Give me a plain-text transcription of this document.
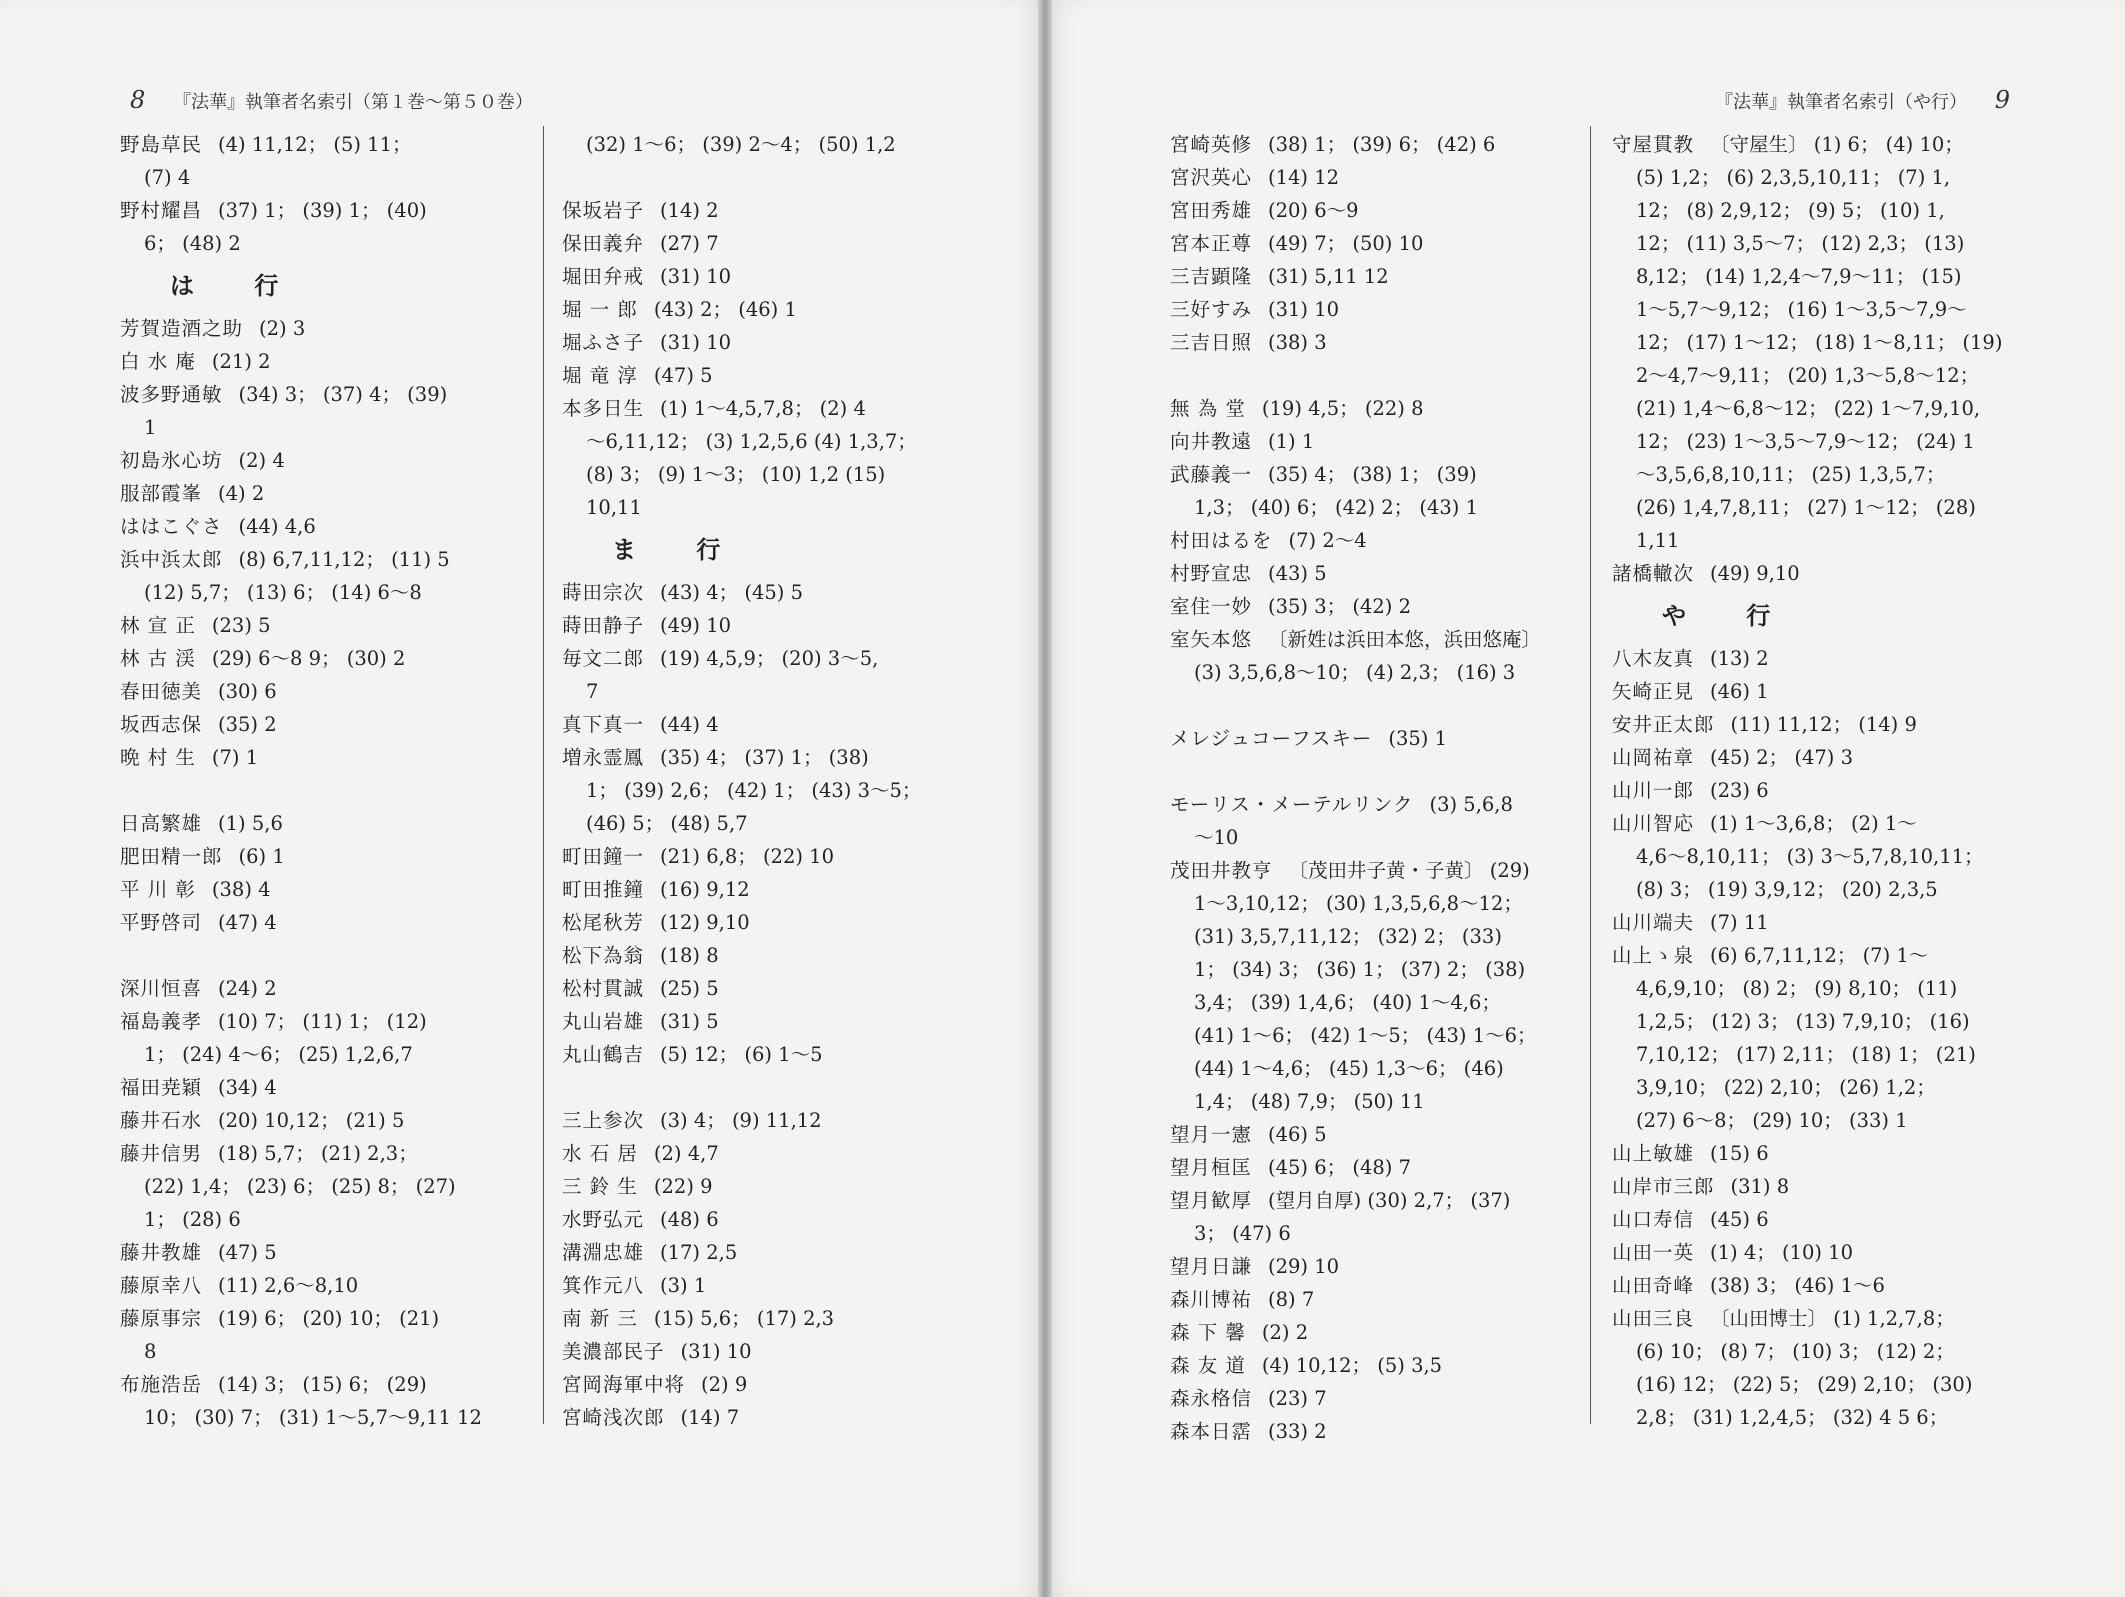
8 『法華』執筆者名索引（第１巻〜第５０巻）	『法華』執筆者名索引（や行） 9
野島草民 (4) 11,12； (5) 11；
(7) 4
野村耀昌 (37) 1； (39) 1； (40)
6； (48) 2
は 行
芳賀造酒之助 (2) 3
白 水 庵 (21) 2
波多野通敏 (34) 3； (37) 4； (39)
1
初島氷心坊 (2) 4
服部霞峯 (4) 2
ははこぐさ (44) 4,6
浜中浜太郎 (8) 6,7,11,12； (11) 5
(12) 5,7； (13) 6； (14) 6〜8
林 宣 正 (23) 5
林 古 渓 (29) 6〜8 9； (30) 2
春田徳美 (30) 6
坂西志保 (35) 2
晩 村 生 (7) 1
日高繁雄 (1) 5,6
肥田精一郎 (6) 1
平 川 彰 (38) 4
平野啓司 (47) 4
深川恒喜 (24) 2
福島義孝 (10) 7； (11) 1； (12)
1； (24) 4〜6； (25) 1,2,6,7
福田尭穎 (34) 4
藤井石水 (20) 10,12； (21) 5
藤井信男 (18) 5,7； (21) 2,3；
(22) 1,4； (23) 6； (25) 8； (27)
1； (28) 6
藤井教雄 (47) 5
藤原幸八 (11) 2,6〜8,10
藤原事宗 (19) 6； (20) 10； (21)
8
布施浩岳 (14) 3； (15) 6； (29)
10； (30) 7； (31) 1〜5,7〜9,11 12
(32) 1〜6； (39) 2〜4； (50) 1,2
保坂岩子 (14) 2
保田義弁 (27) 7
堀田弁戒 (31) 10
堀 一 郎 (43) 2； (46) 1
堀ふさ子 (31) 10
堀 竜 淳 (47) 5
本多日生 (1) 1〜4,5,7,8； (2) 4
〜6,11,12； (3) 1,2,5,6 (4) 1,3,7；
(8) 3； (9) 1〜3； (10) 1,2 (15)
10,11
ま 行
蒔田宗次 (43) 4； (45) 5
蒔田静子 (49) 10
毎文二郎 (19) 4,5,9； (20) 3〜5,
7
真下真一 (44) 4
増永霊鳳 (35) 4； (37) 1； (38)
1； (39) 2,6； (42) 1； (43) 3〜5；
(46) 5； (48) 5,7
町田鐘一 (21) 6,8； (22) 10
町田推鐘 (16) 9,12
松尾秋芳 (12) 9,10
松下為翁 (18) 8
松村貫誠 (25) 5
丸山岩雄 (31) 5
丸山鶴吉 (5) 12； (6) 1〜5
三上参次 (3) 4； (9) 11,12
水 石 居 (2) 4,7
三 鈴 生 (22) 9
水野弘元 (48) 6
溝淵忠雄 (17) 2,5
箕作元八 (3) 1
南 新 三 (15) 5,6； (17) 2,3
美濃部民子 (31) 10
宮岡海軍中将 (2) 9
宮崎浅次郎 (14) 7
宮崎英修 (38) 1； (39) 6； (42) 6
宮沢英心 (14) 12
宮田秀雄 (20) 6〜9
宮本正尊 (49) 7； (50) 10
三吉顕隆 (31) 5,11 12
三好すみ (31) 10
三吉日照 (38) 3
無 為 堂 (19) 4,5； (22) 8
向井教遠 (1) 1
武藤義一 (35) 4； (38) 1； (39)
1,3； (40) 6； (42) 2； (43) 1
村田はるを (7) 2〜4
村野宣忠 (43) 5
室住一妙 (35) 3； (42) 2
室矢本悠 〔新姓は浜田本悠，浜田悠庵〕
(3) 3,5,6,8〜10； (4) 2,3； (16) 3
メレジュコーフスキー (35) 1
モーリス・メーテルリンク (3) 5,6,8
〜10
茂田井教亨 〔茂田井子黄・子黄〕 (29)
1〜3,10,12； (30) 1,3,5,6,8〜12；
(31) 3,5,7,11,12； (32) 2； (33)
1； (34) 3； (36) 1； (37) 2； (38)
3,4； (39) 1,4,6； (40) 1〜4,6；
(41) 1〜6； (42) 1〜5； (43) 1〜6；
(44) 1〜4,6； (45) 1,3〜6； (46)
1,4； (48) 7,9； (50) 11
望月一憲 (46) 5
望月桓匡 (45) 6； (48) 7
望月歓厚 (望月自厚) (30) 2,7； (37)
3； (47) 6
望月日謙 (29) 10
森川博祐 (8) 7
森 下 馨 (2) 2
森 友 道 (4) 10,12； (5) 3,5
森永格信 (23) 7
森本日霑 (33) 2
守屋貫教 〔守屋生〕 (1) 6； (4) 10；
(5) 1,2； (6) 2,3,5,10,11； (7) 1,
12； (8) 2,9,12； (9) 5； (10) 1,
12； (11) 3,5〜7； (12) 2,3； (13)
8,12； (14) 1,2,4〜7,9〜11； (15)
1〜5,7〜9,12； (16) 1〜3,5〜7,9〜
12； (17) 1〜12； (18) 1〜8,11； (19)
2〜4,7〜9,11； (20) 1,3〜5,8〜12；
(21) 1,4〜6,8〜12； (22) 1〜7,9,10,
12； (23) 1〜3,5〜7,9〜12； (24) 1
〜3,5,6,8,10,11； (25) 1,3,5,7；
(26) 1,4,7,8,11； (27) 1〜12； (28)
1,11
諸橋轍次 (49) 9,10
や 行
八木友真 (13) 2
矢崎正見 (46) 1
安井正太郎 (11) 11,12； (14) 9
山岡祐章 (45) 2； (47) 3
山川一郎 (23) 6
山川智応 (1) 1〜3,6,8； (2) 1〜
4,6〜8,10,11； (3) 3〜5,7,8,10,11；
(8) 3； (19) 3,9,12； (20) 2,3,5
山川端夫 (7) 11
山上ゝ泉 (6) 6,7,11,12； (7) 1〜
4,6,9,10； (8) 2； (9) 8,10； (11)
1,2,5； (12) 3； (13) 7,9,10； (16)
7,10,12； (17) 2,11； (18) 1； (21)
3,9,10； (22) 2,10； (26) 1,2；
(27) 6〜8； (29) 10； (33) 1
山上敏雄 (15) 6
山岸市三郎 (31) 8
山口寿信 (45) 6
山田一英 (1) 4； (10) 10
山田奇峰 (38) 3； (46) 1〜6
山田三良 〔山田博士〕 (1) 1,2,7,8；
(6) 10； (8) 7； (10) 3； (12) 2；
(16) 12； (22) 5； (29) 2,10； (30)
2,8； (31) 1,2,4,5； (32) 4 5 6；
